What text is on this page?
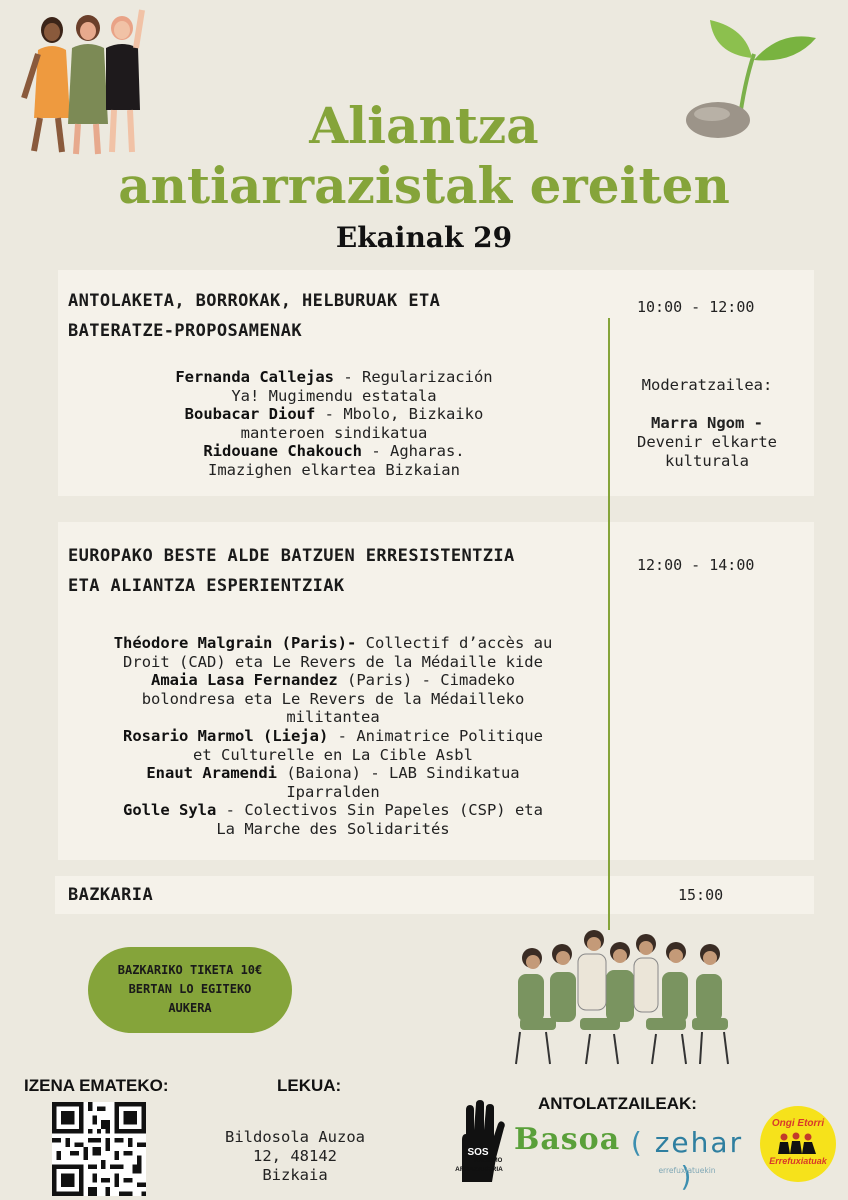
Aliantza
antiarrazistak ereiten
Ekainak 29
ANTOLAKETA, BORROKAK, HELBURUAK ETA
BATERATZE-PROPOSAMENAK
10:00 - 12:00
Fernanda Callejas - Regularización
Ya! Mugimendu estatala
Boubacar Diouf - Mbolo, Bizkaiko
manteroen sindikatua
Ridouane Chakouch - Agharas.
Imazighen elkartea Bizkaian
Moderatzailea:
Marra Ngom -
Devenir elkarte
kulturala
EUROPAKO BESTE ALDE BATZUEN ERRESISTENTZIA
ETA ALIANTZA ESPERIENTZIAK
12:00 - 14:00
Théodore Malgrain (Paris)- Collectif d’accès au
Droit (CAD) eta Le Revers de la Médaille kide
Amaia Lasa Fernandez (Paris) - Cimadeko
bolondresa eta Le Revers de la Médailleko
militantea
Rosario Marmol (Lieja) - Animatrice Politique
et Culturelle en La Cible Asbl
Enaut Aramendi (Baiona) - LAB Sindikatua
Iparralden
Golle Syla - Colectivos Sin Papeles (CSP) eta
La Marche des Solidarités
BAZKARIA	15:00
BAZKARIKO TIKETA 10€
BERTAN LO EGITEKO
AUKERA
IZENA EMATEKO:	LEKUA:
ANTOLATZAILEAK:
Bildosola Auzoa
12, 48142
Bizkaia
SOS
RACISMO
ARRAZAKERIA
Basoa ( zehar )
errefuxiatuekin
Ongi Etorri
Errefuxiatuak
